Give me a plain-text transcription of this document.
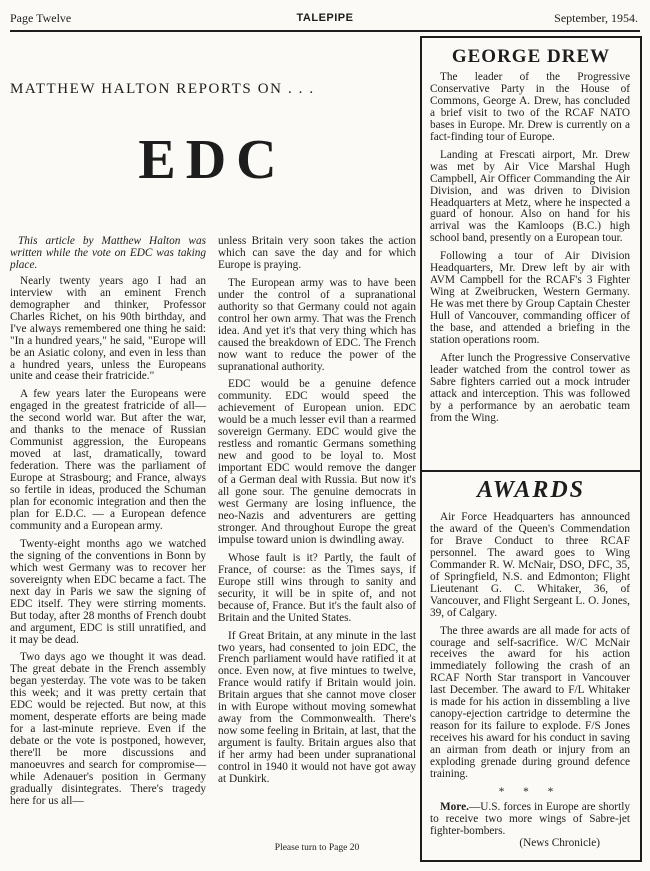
Page Twelve	TALEPIPE	September, 1954.
MATTHEW HALTON REPORTS ON . . .
EDC

This article by Matthew Halton was written while the vote on EDC was taking place.

Nearly twenty years ago I had an interview with an eminent French demographer and thinker, Professor Charles Richet, on his 90th birthday, and I've always remembered one thing he said: "In a hundred years," he said, "Europe will be an Asiatic colony, and even in less than a hundred years, unless the Europeans unite and cease their fratricide."

A few years later the Europeans were engaged in the greatest fratricide of all—the second world war. But after the war, and thanks to the menace of Russian Communist aggression, the Europeans moved at last, dramatically, toward federation. There was the parliament of Europe at Strasbourg; and France, always so fertile in ideas, produced the Schuman plan for economic integration and then the plan for E.D.C. — a European defence community and a European army.

Twenty-eight months ago we watched the signing of the conventions in Bonn by which west Germany was to recover her sovereignty when EDC became a fact. The next day in Paris we saw the signing of EDC itself. They were stirring moments. But today, after 28 months of French doubt and argument, EDC is still unratified, and it may be dead.

Two days ago we thought it was dead. The great debate in the French assembly began yesterday. The vote was to be taken this week; and it was pretty certain that EDC would be rejected. But now, at this moment, desperate efforts are being made for a last-minute reprieve. Even if the debate or the vote is postponed, however, there'll be more discussions and manoeuvres and search for compromise—while Adenauer's position in Germany gradually disintegrates. There's tragedy here for us all—

unless Britain very soon takes the action which can save the day and for which Europe is praying.

The European army was to have been under the control of a supranational authority so that Germany could not again control her own army. That was the French idea. And yet it's that very thing which has caused the breakdown of EDC. The French now want to reduce the power of the supranational authority.

EDC would be a genuine defence community. EDC would speed the achievement of European union. EDC would be a much lesser evil than a rearmed sovereign Germany. EDC would give the restless and romantic Germans something new and good to be loyal to. Most important EDC would remove the danger of a German deal with Russia. But now it's all gone sour. The genuine democrats in west Germany are losing influence, the neo-Nazis and adventurers are getting stronger. And throughout Europe the great impulse toward union is dwindling away.

Whose fault is it? Partly, the fault of France, of course: as the Times says, if Europe still wins through to sanity and security, it will be in spite of, and not because of, France. But it's the fault also of Britain and the United States.

If Great Britain, at any minute in the last two years, had consented to join EDC, the French parliament would have ratified it at once. Even now, at five mintues to twelve, France would ratify if Britain would join. Britain argues that she cannot move closer in with Europe without moving somewhat away from the Commonwealth. There's now some feeling in Britain, at last, that the argument is faulty. Britain argues also that if her army had been under supranational control in 1940 it would not have got away at Dunkirk.

Please turn to Page 20
GEORGE DREW

The leader of the Progressive Conservative Party in the House of Commons, George A. Drew, has concluded a brief visit to two of the RCAF NATO bases in Europe. Mr. Drew is currently on a fact-finding tour of Europe.

Landing at Frescati airport, Mr. Drew was met by Air Vice Marshal Hugh Campbell, Air Officer Commanding the Air Division, and was driven to Division Headquarters at Metz, where he inspected a guard of honour. Also on hand for his arrival was the Kamloops (B.C.) high school band, presently on a European tour.

Following a tour of Air Division Headquarters, Mr. Drew left by air with AVM Campbell for the RCAF's 3 Fighter Wing at Zweibrucken, Western Germany. He was met there by Group Captain Chester Hull of Vancouver, commanding officer of the base, and attended a briefing in the station operations room.

After lunch the Progressive Conservative leader watched from the control tower as Sabre fighters carried out a mock intruder attack and interception. This was followed by a performance by an aerobatic team from the Wing.

AWARDS

Air Force Headquarters has announced the award of the Queen's Commendation for Brave Conduct to three RCAF personnel. The award goes to Wing Commander R. W. McNair, DSO, DFC, 35, of Springfield, N.S. and Edmonton; Flight Lieutenant G. C. Whitaker, 36, of Vancouver, and Flight Sergeant L. O. Jones, 39, of Calgary.

The three awards are all made for acts of courage and self-sacrifice. W/C McNair receives the award for his action immediately following the crash of an RCAF North Star transport in Vancouver last December. The award to F/L Whitaker is made for his action in dissembling a live canopy-ejection cartridge to determine the reason for its failure to explode. F/S Jones receives his award for his conduct in saving an airman from death or injury from an exploding grenade during ground defence training.

* * *

More.—U.S. forces in Europe are shortly to receive two more wings of Sabre-jet fighter-bombers.

(News Chronicle)
